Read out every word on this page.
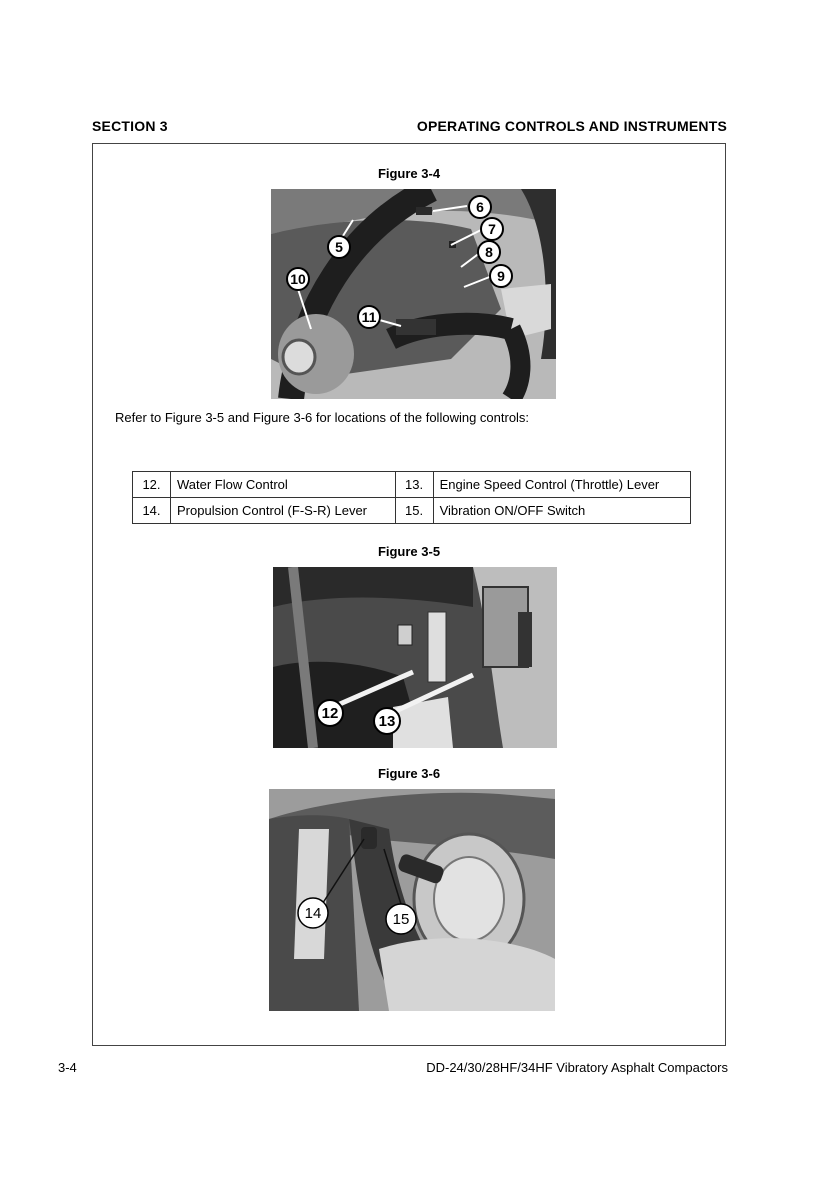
SECTION 3	OPERATING CONTROLS AND INSTRUMENTS
Figure 3-4
6
7
8
9
5
10
11
Refer to Figure 3-5 and Figure 3-6 for locations of the following controls:
12.	Water Flow Control	13.	Engine Speed Control (Throttle) Lever
14.	Propulsion Control (F-S-R) Lever	15.	Vibration ON/OFF Switch
Figure 3-5
12	13
Figure 3-6
14	15
3-4	DD-24/30/28HF/34HF Vibratory Asphalt Compactors
